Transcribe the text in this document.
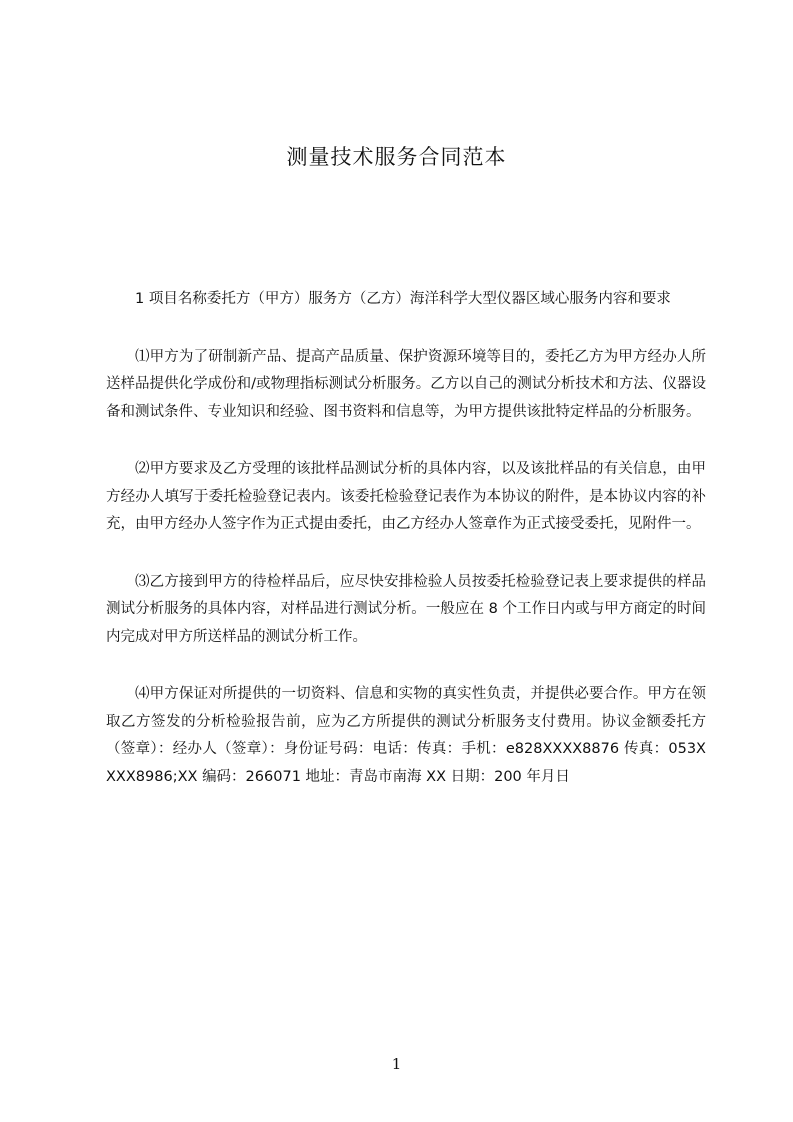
测量技术服务合同范本

1 项目名称委托方（甲方）服务方（乙方）海洋科学大型仪器区域心服务内容和要求

⑴甲方为了研制新产品、提高产品质量、保护资源环境等目的，委托乙方为甲方经办人所送样品提供化学成份和/或物理指标测试分析服务。乙方以自己的测试分析技术和方法、仪器设备和测试条件、专业知识和经验、图书资料和信息等，为甲方提供该批特定样品的分析服务。

⑵甲方要求及乙方受理的该批样品测试分析的具体内容，以及该批样品的有关信息，由甲方经办人填写于委托检验登记表内。该委托检验登记表作为本协议的附件，是本协议内容的补充，由甲方经办人签字作为正式提由委托，由乙方经办人签章作为正式接受委托，见附件一。

⑶乙方接到甲方的待检样品后，应尽快安排检验人员按委托检验登记表上要求提供的样品测试分析服务的具体内容，对样品进行测试分析。一般应在 8 个工作日内或与甲方商定的时间内完成对甲方所送样品的测试分析工作。

⑷甲方保证对所提供的一切资料、信息和实物的真实性负责，并提供必要合作。甲方在领取乙方签发的分析检验报告前，应为乙方所提供的测试分析服务支付费用。协议金额委托方（签章）：经办人（签章）：身份证号码：电话：传真：手机：e828XXXX8876 传真：053XXXX8986;XX 编码：266071 地址：青岛市南海 XX 日期：200 年月日

1
